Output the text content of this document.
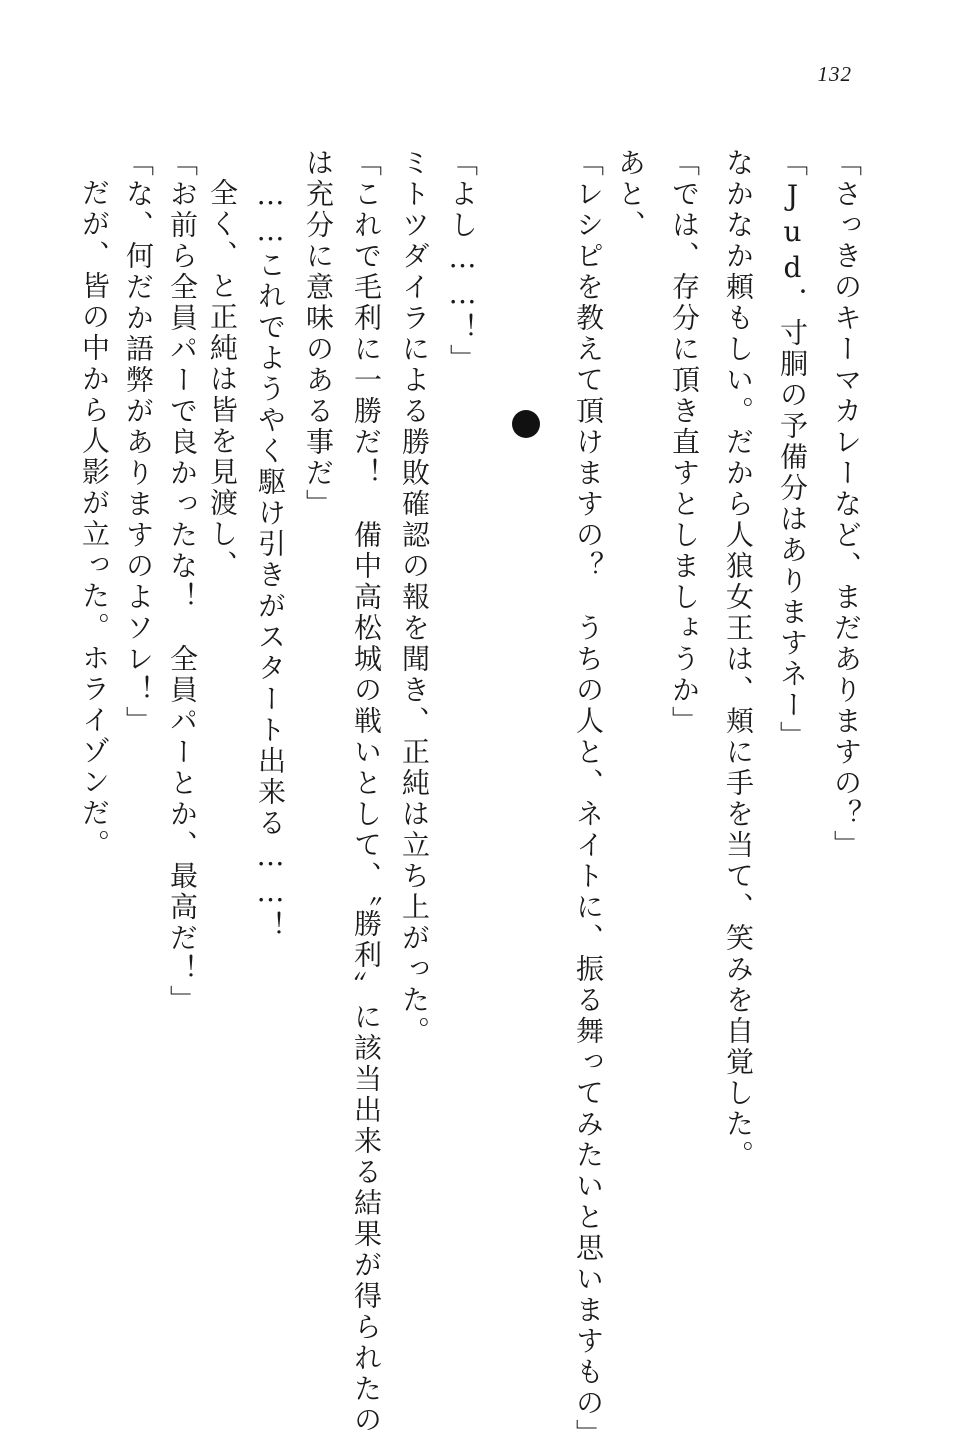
132
「さっきのキーマカレーなど、まだありますの？」
「Jud．寸胴の予備分はありますネー」
なかなか頼もしい。だから人狼女王は、頬に手を当て、笑みを自覚した。
「では、存分に頂き直すとしましょうか」
あと、
「レシピを教えて頂けますの？　うちの人と、ネイトに、振る舞ってみたいと思いますもの」
「よし……！」
ミトツダイラによる勝敗確認の報を聞き、正純は立ち上がった。
「これで毛利に一勝だ！　備中高松城の戦いとして、〝勝利〟に該当出来る結果が得られたの
は充分に意味のある事だ」
……これでようやく駆け引きがスタート出来る……！
全く、と正純は皆を見渡し、
「お前ら全員パーで良かったな！　全員パーとか、最高だ！」
「な、何だか語弊がありますのよソレ！」
だが、皆の中から人影が立った。ホライゾンだ。
